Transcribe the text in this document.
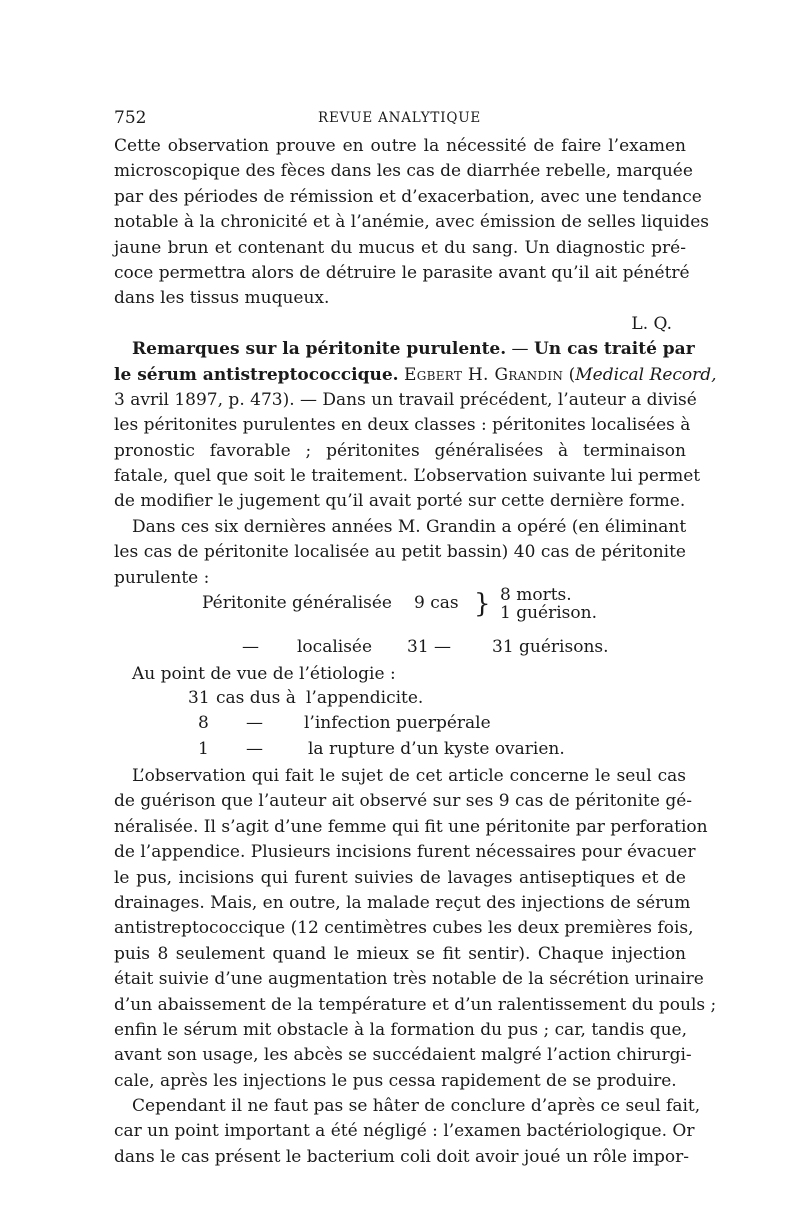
752	REVUE ANALYTIQUE
Cette observation prouve en outre la nécessité de faire l’examen
microscopique des fèces dans les cas de diarrhée rebelle, marquée
par des périodes de rémission et d’exacerbation, avec une tendance
notable à la chronicité et à l’anémie, avec émission de selles liquides
jaune brun et contenant du mucus et du sang. Un diagnostic pré-
coce permettra alors de détruire le parasite avant qu’il ait pénétré
dans les tissus muqueux.
L. Q.
Remarques sur la péritonite purulente. — Un cas traité par
le sérum antistreptococcique. Egbert H. Grandin (Medical Record,
3 avril 1897, p. 473). — Dans un travail précédent, l’auteur a divisé
les péritonites purulentes en deux classes : péritonites localisées à
pronostic favorable ; péritonites généralisées à terminaison
fatale, quel que soit le traitement. L’observation suivante lui permet
de modifier le jugement qu’il avait porté sur cette dernière forme.
Dans ces six dernières années M. Grandin a opéré (en éliminant
les cas de péritonite localisée au petit bassin) 40 cas de péritonite
purulente :
Péritonite généralisée 9 cas } 8 morts.
1 guérison.
— localisée 31 — 31 guérisons.
Au point de vue de l’étiologie :
31 cas dus à l’appendicite.
8 — l’infection puerpérale
1 —	la rupture d’un kyste ovarien.
L’observation qui fait le sujet de cet article concerne le seul cas
de guérison que l’auteur ait observé sur ses 9 cas de péritonite gé-
néralisée. Il s’agit d’une femme qui fit une péritonite par perforation
de l’appendice. Plusieurs incisions furent nécessaires pour évacuer
le pus, incisions qui furent suivies de lavages antiseptiques et de
drainages. Mais, en outre, la malade reçut des injections de sérum
antistreptococcique (12 centimètres cubes les deux premières fois,
puis 8 seulement quand le mieux se fit sentir). Chaque injection
était suivie d’une augmentation très notable de la sécrétion urinaire
d’un abaissement de la température et d’un ralentissement du pouls ;
enfin le sérum mit obstacle à la formation du pus ; car, tandis que,
avant son usage, les abcès se succédaient malgré l’action chirurgi-
cale, après les injections le pus cessa rapidement de se produire.
Cependant il ne faut pas se hâter de conclure d’après ce seul fait,
car un point important a été négligé : l’examen bactériologique. Or
dans le cas présent le bacterium coli doit avoir joué un rôle impor-
